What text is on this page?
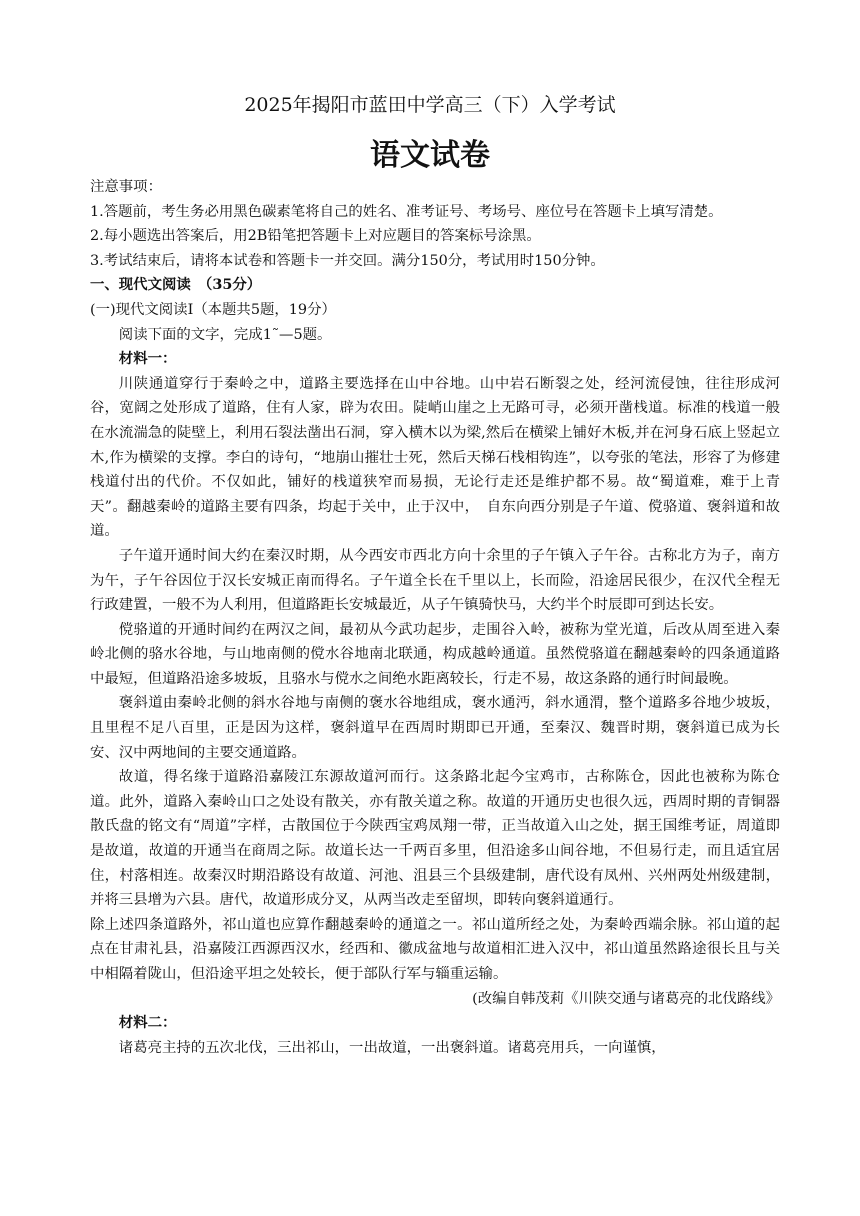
2025年揭阳市蓝田中学高三（下）入学考试
语文试卷

注意事项：

1.答题前，考生务必用黑色碳素笔将自己的姓名、准考证号、考场号、座位号在答题卡上填写清楚。

2.每小题选出答案后，用2B铅笔把答题卡上对应题目的答案标号涂黑。

3.考试结束后，请将本试卷和答题卡一并交回。满分150分，考试用时150分钟。

一、现代文阅读　（35分）

(一)现代文阅读Ⅰ（本题共5题，19分）

阅读下面的文字，完成1˜—5题。

材料一：

川陕通道穿行于秦岭之中，道路主要选择在山中谷地。山中岩石断裂之处，经河流侵蚀，往往形成河谷，宽阔之处形成了道路，住有人家，辟为农田。陡峭山崖之上无路可寻，必须开凿栈道。标准的栈道一般在水流湍急的陡壁上，利用石裂法凿出石洞，穿入横木以为梁,然后在横梁上铺好木板,并在河身石底上竖起立木,作为横梁的支撑。李白的诗句，“地崩山摧壮士死，然后天梯石栈相钩连”，以夸张的笔法，形容了为修建栈道付出的代价。不仅如此，铺好的栈道狭窄而易损，无论行走还是维护都不易。故“蜀道难，难于上青天”。翻越秦岭的道路主要有四条，均起于关中，止于汉中，　自东向西分别是子午道、傥骆道、褒斜道和故道。

子午道开通时间大约在秦汉时期，从今西安市西北方向十余里的子午镇入子午谷。古称北方为子，南方为午，子午谷因位于汉长安城正南而得名。子午道全长在千里以上，长而险，沿途居民很少，在汉代全程无行政建置，一般不为人利用，但道路距长安城最近，从子午镇骑快马，大约半个时辰即可到达长安。

傥骆道的开通时间约在两汉之间，最初从今武功起步，走围谷入岭，被称为堂光道，后改从周至进入秦岭北侧的骆水谷地，与山地南侧的傥水谷地南北联通，构成越岭通道。虽然傥骆道在翻越秦岭的四条通道路中最短，但道路沿途多坡坂，且骆水与傥水之间绝水距离较长，行走不易，故这条路的通行时间最晚。

褒斜道由秦岭北侧的斜水谷地与南侧的褒水谷地组成，褒水通沔，斜水通渭，整个道路多谷地少坡坂，且里程不足八百里，正是因为这样，褒斜道早在西周时期即已开通，至秦汉、魏晋时期，褒斜道已成为长安、汉中两地间的主要交通道路。

故道，得名缘于道路沿嘉陵江东源故道河而行。这条路北起今宝鸡市，古称陈仓，因此也被称为陈仓道。此外，道路入秦岭山口之处设有散关，亦有散关道之称。故道的开通历史也很久远，西周时期的青铜器散氏盘的铭文有“周道”字样，古散国位于今陕西宝鸡凤翔一带，正当故道入山之处，据王国维考证，周道即是故道，故道的开通当在商周之际。故道长达一千两百多里，但沿途多山间谷地，不但易行走，而且适宜居住，村落相连。故秦汉时期沿路设有故道、河池、沮县三个县级建制，唐代设有凤州、兴州两处州级建制，并将三县增为六县。唐代，故道形成分叉，从两当改走至留坝，即转向褒斜道通行。

除上述四条道路外，祁山道也应算作翻越秦岭的通道之一。祁山道所经之处，为秦岭西端余脉。祁山道的起点在甘肃礼县，沿嘉陵江西源西汉水，经西和、徽成盆地与故道相汇进入汉中，祁山道虽然路途很长且与关中相隔着陇山，但沿途平坦之处较长，便于部队行军与辎重运输。

(改编自韩茂莉《川陕交通与诸葛亮的北伐路线》

材料二：

诸葛亮主持的五次北伐，三出祁山，一出故道，一出褒斜道。诸葛亮用兵，一向谨慎，
